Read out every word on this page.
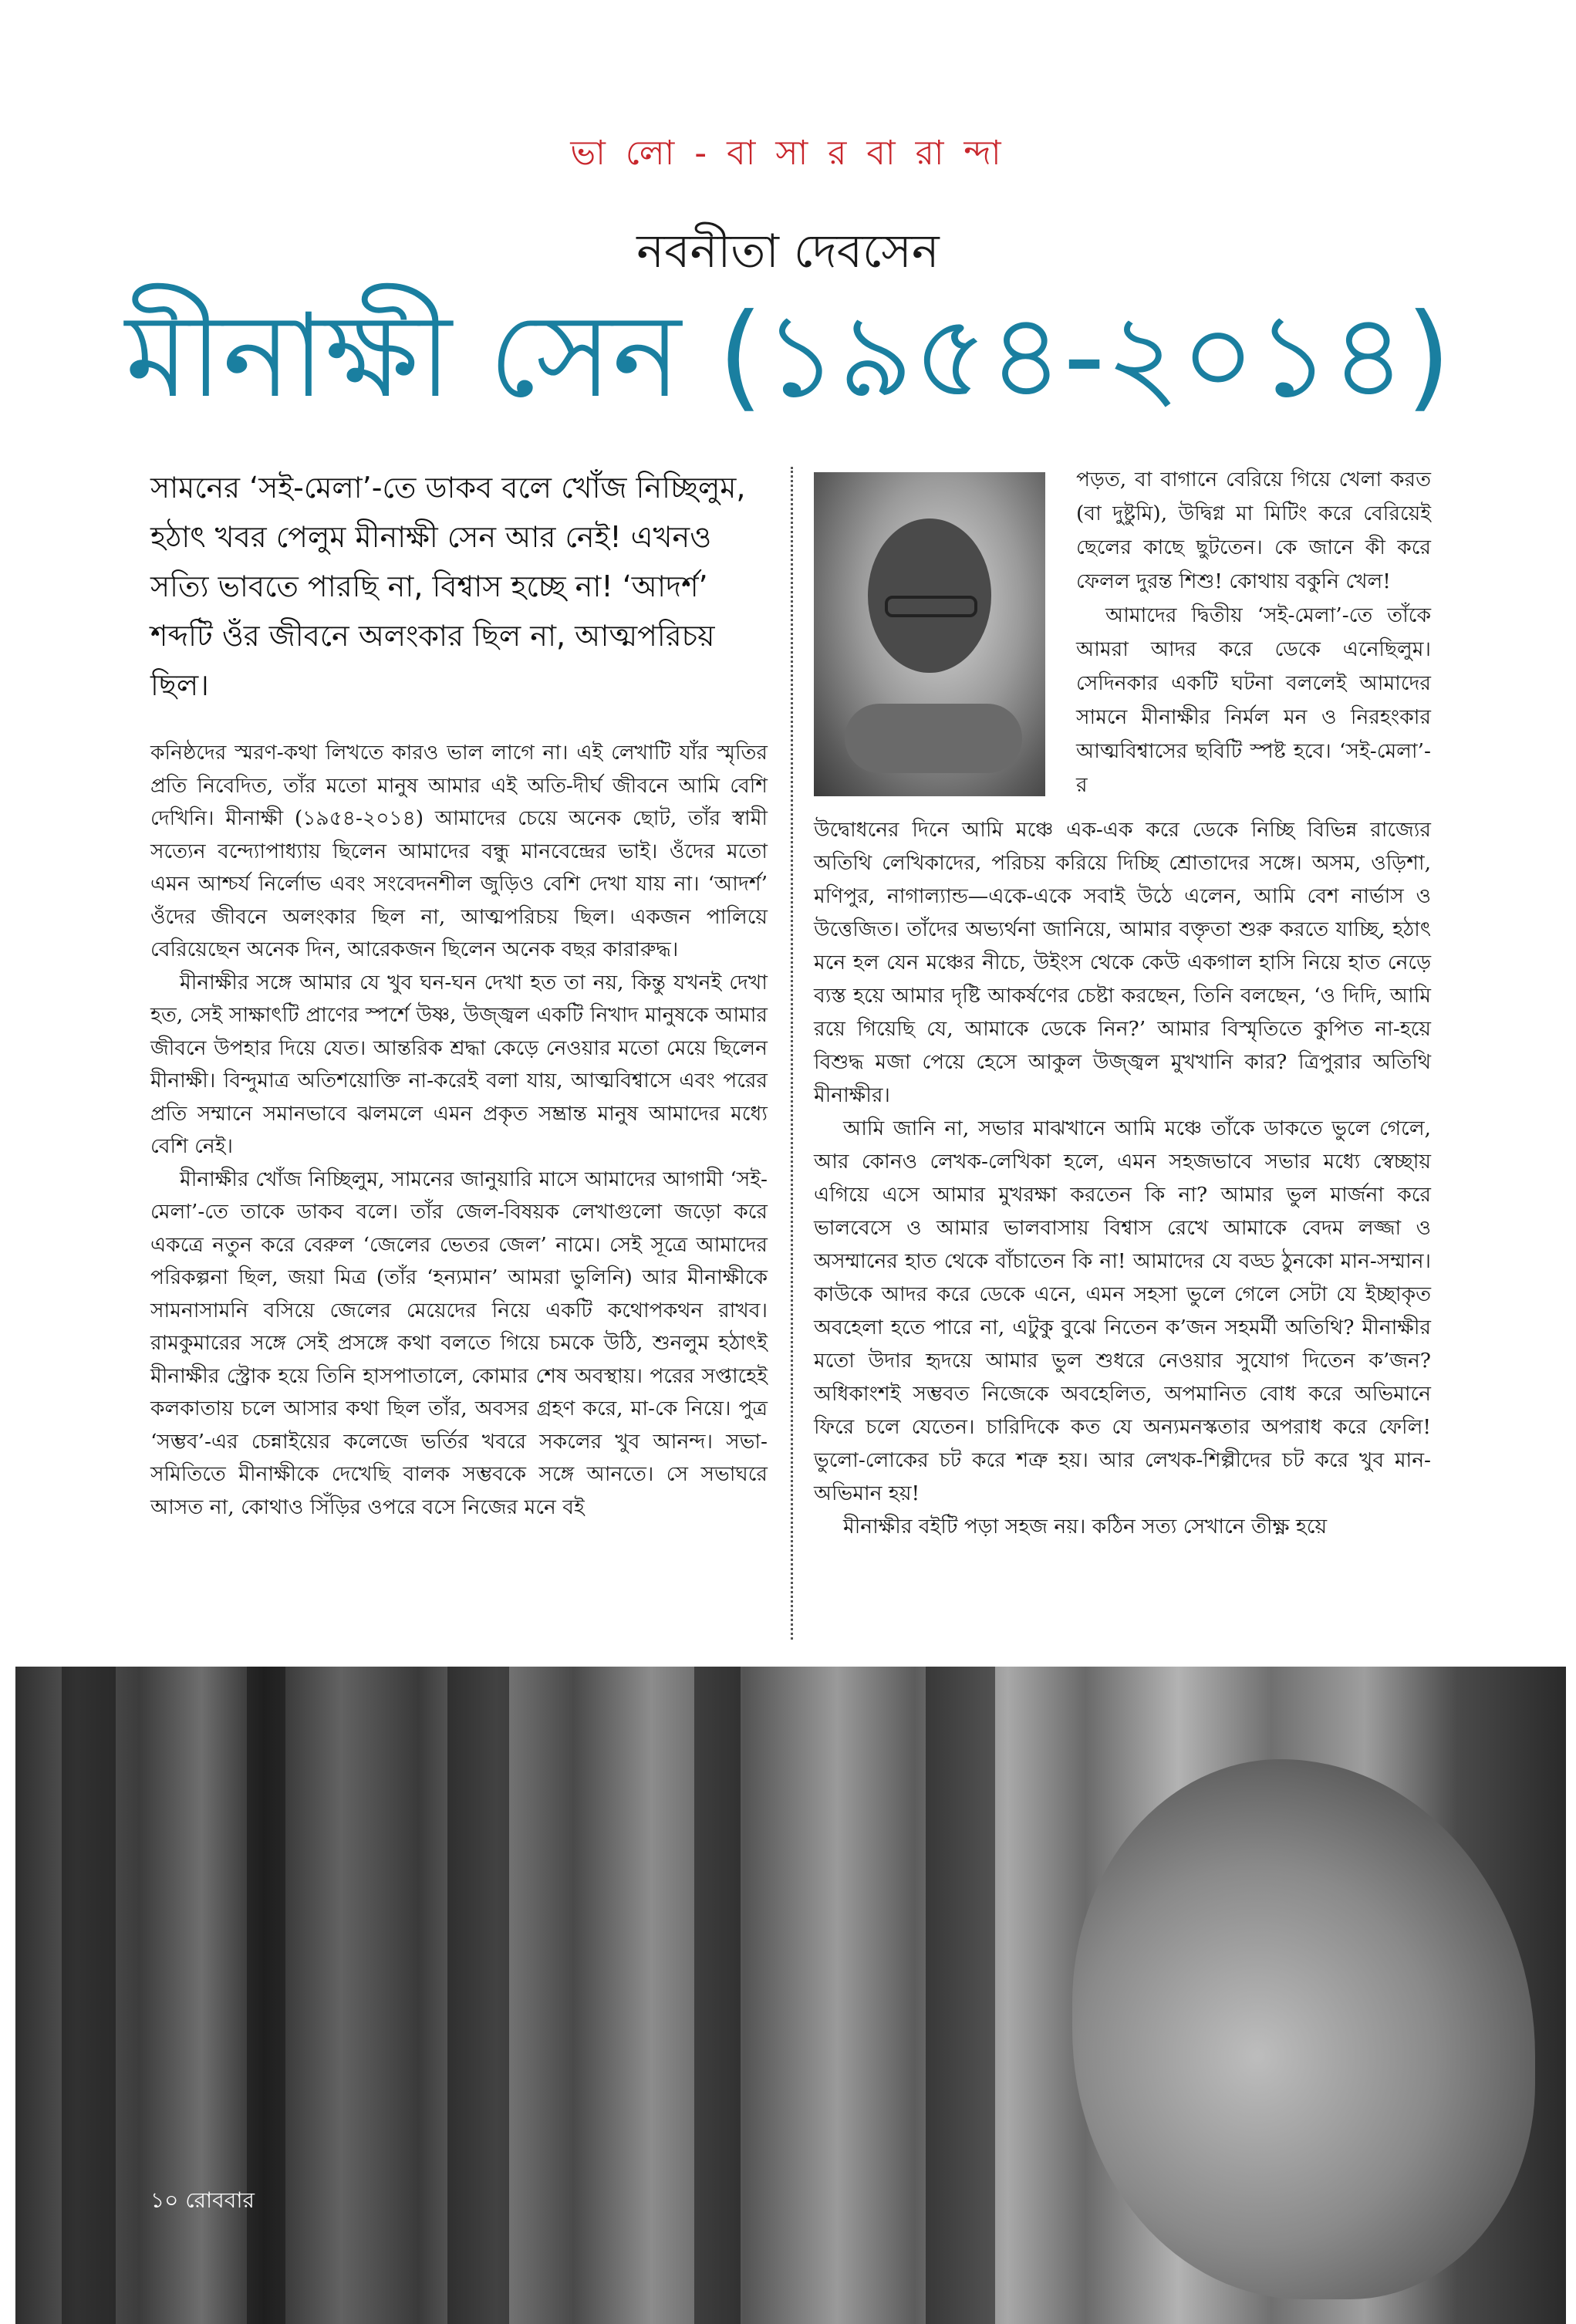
ভা লো - বা সা র বা রা ন্দা
নবনীতা দেবসেন
মীনাক্ষী সেন (১৯৫৪-২০১৪)
সামনের ‘সই-মেলা’-তে ডাকব বলে খোঁজ নিচ্ছিলুম, হঠাৎ খবর পেলুম মীনাক্ষী সেন আর নেই! এখনও সত্যি ভাবতে পারছি না, বিশ্বাস হচ্ছে না! ‘আদর্শ’ শব্দটি ওঁর জীবনে অলংকার ছিল না, আত্মপরিচয় ছিল।

কনিষ্ঠদের স্মরণ-কথা লিখতে কারও ভাল লাগে না। এই লেখাটি যাঁর স্মৃতির প্রতি নিবেদিত, তাঁর মতো মানুষ আমার এই অতি-দীর্ঘ জীবনে আমি বেশি দেখিনি। মীনাক্ষী (১৯৫৪-২০১৪) আমাদের চেয়ে অনেক ছোট, তাঁর স্বামী সত্যেন বন্দ্যোপাধ্যায় ছিলেন আমাদের বন্ধু মানবেন্দ্রের ভাই। ওঁদের মতো এমন আশ্চর্য নির্লোভ এবং সংবেদনশীল জুড়িও বেশি দেখা যায় না। ‘আদর্শ’ ওঁদের জীবনে অলংকার ছিল না, আত্মপরিচয় ছিল। একজন পালিয়ে বেরিয়েছেন অনেক দিন, আরেকজন ছিলেন অনেক বছর কারারুদ্ধ।

মীনাক্ষীর সঙ্গে আমার যে খুব ঘন-ঘন দেখা হত তা নয়, কিন্তু যখনই দেখা হত, সেই সাক্ষাৎটি প্রাণের স্পর্শে উষ্ণ, উজ্জ্বল একটি নিখাদ মানুষকে আমার জীবনে উপহার দিয়ে যেত। আন্তরিক শ্রদ্ধা কেড়ে নেওয়ার মতো মেয়ে ছিলেন মীনাক্ষী। বিন্দুমাত্র অতিশয়োক্তি না-করেই বলা যায়, আত্মবিশ্বাসে এবং পরের প্রতি সম্মানে সমানভাবে ঝলমলে এমন প্রকৃত সম্ভ্রান্ত মানুষ আমাদের মধ্যে বেশি নেই।

মীনাক্ষীর খোঁজ নিচ্ছিলুম, সামনের জানুয়ারি মাসে আমাদের আগামী ‘সই-মেলা’-তে তাকে ডাকব বলে। তাঁর জেল-বিষয়ক লেখাগুলো জড়ো করে একত্রে নতুন করে বেরুল ‘জেলের ভেতর জেল’ নামে। সেই সূত্রে আমাদের পরিকল্পনা ছিল, জয়া মিত্র (তাঁর ‘হন্যমান’ আমরা ভুলিনি) আর মীনাক্ষীকে সামনাসামনি বসিয়ে জেলের মেয়েদের নিয়ে একটি কথোপকথন রাখব। রামকুমারের সঙ্গে সেই প্রসঙ্গে কথা বলতে গিয়ে চমকে উঠি, শুনলুম হঠাৎই মীনাক্ষীর স্ট্রোক হয়ে তিনি হাসপাতালে, কোমার শেষ অবস্থায়। পরের সপ্তাহেই কলকাতায় চলে আসার কথা ছিল তাঁর, অবসর গ্রহণ করে, মা-কে নিয়ে। পুত্র ‘সম্ভব’-এর চেন্নাইয়ের কলেজে ভর্তির খবরে সকলের খুব আনন্দ। সভা-সমিতিতে মীনাক্ষীকে দেখেছি বালক সম্ভবকে সঙ্গে আনতে। সে সভাঘরে আসত না, কোথাও সিঁড়ির ওপরে বসে নিজের মনে বই

পড়ত, বা বাগানে বেরিয়ে গিয়ে খেলা করত (বা দুষ্টুমি), উদ্বিগ্ন মা মিটিং করে বেরিয়েই ছেলের কাছে ছুটতেন। কে জানে কী করে ফেলল দুরন্ত শিশু! কোথায় বকুনি খেল!

আমাদের দ্বিতীয় ‘সই-মেলা’-তে তাঁকে আমরা আদর করে ডেকে এনেছিলুম। সেদিনকার একটি ঘটনা বললেই আমাদের সামনে মীনাক্ষীর নির্মল মন ও নিরহংকার আত্মবিশ্বাসের ছবিটি স্পষ্ট হবে। ‘সই-মেলা’-র

উদ্বোধনের দিনে আমি মঞ্চে এক-এক করে ডেকে নিচ্ছি বিভিন্ন রাজ্যের অতিথি লেখিকাদের, পরিচয় করিয়ে দিচ্ছি শ্রোতাদের সঙ্গে। অসম, ওড়িশা, মণিপুর, নাগাল্যান্ড—একে-একে সবাই উঠে এলেন, আমি বেশ নার্ভাস ও উত্তেজিত। তাঁদের অভ্যর্থনা জানিয়ে, আমার বক্তৃতা শুরু করতে যাচ্ছি, হঠাৎ মনে হল যেন মঞ্চের নীচে, উইংস থেকে কেউ একগাল হাসি নিয়ে হাত নেড়ে ব্যস্ত হয়ে আমার দৃষ্টি আকর্ষণের চেষ্টা করছেন, তিনি বলছেন, ‘ও দিদি, আমি রয়ে গিয়েছি যে, আমাকে ডেকে নিন?’ আমার বিস্মৃতিতে কুপিত না-হয়ে বিশুদ্ধ মজা পেয়ে হেসে আকুল উজ্জ্বল মুখখানি কার? ত্রিপুরার অতিথি মীনাক্ষীর।

আমি জানি না, সভার মাঝখানে আমি মঞ্চে তাঁকে ডাকতে ভুলে গেলে, আর কোনও লেখক-লেখিকা হলে, এমন সহজভাবে সভার মধ্যে স্বেচ্ছায় এগিয়ে এসে আমার মুখরক্ষা করতেন কি না? আমার ভুল মার্জনা করে ভালবেসে ও আমার ভালবাসায় বিশ্বাস রেখে আমাকে বেদম লজ্জা ও অসম্মানের হাত থেকে বাঁচাতেন কি না! আমাদের যে বড্ড ঠুনকো মান-সম্মান। কাউকে আদর করে ডেকে এনে, এমন সহসা ভুলে গেলে সেটা যে ইচ্ছাকৃত অবহেলা হতে পারে না, এটুকু বুঝে নিতেন ক’জন সহমর্মী অতিথি? মীনাক্ষীর মতো উদার হৃদয়ে আমার ভুল শুধরে নেওয়ার সুযোগ দিতেন ক’জন? অধিকাংশই সম্ভবত নিজেকে অবহেলিত, অপমানিত বোধ করে অভিমানে ফিরে চলে যেতেন। চারিদিকে কত যে অন্যমনস্কতার অপরাধ করে ফেলি! ভুলো-লোকের চট করে শত্রু হয়। আর লেখক-শিল্পীদের চট করে খুব মান-অভিমান হয়!

মীনাক্ষীর বইটি পড়া সহজ নয়। কঠিন সত্য সেখানে তীক্ষ্ণ হয়ে

১০ রোববার
